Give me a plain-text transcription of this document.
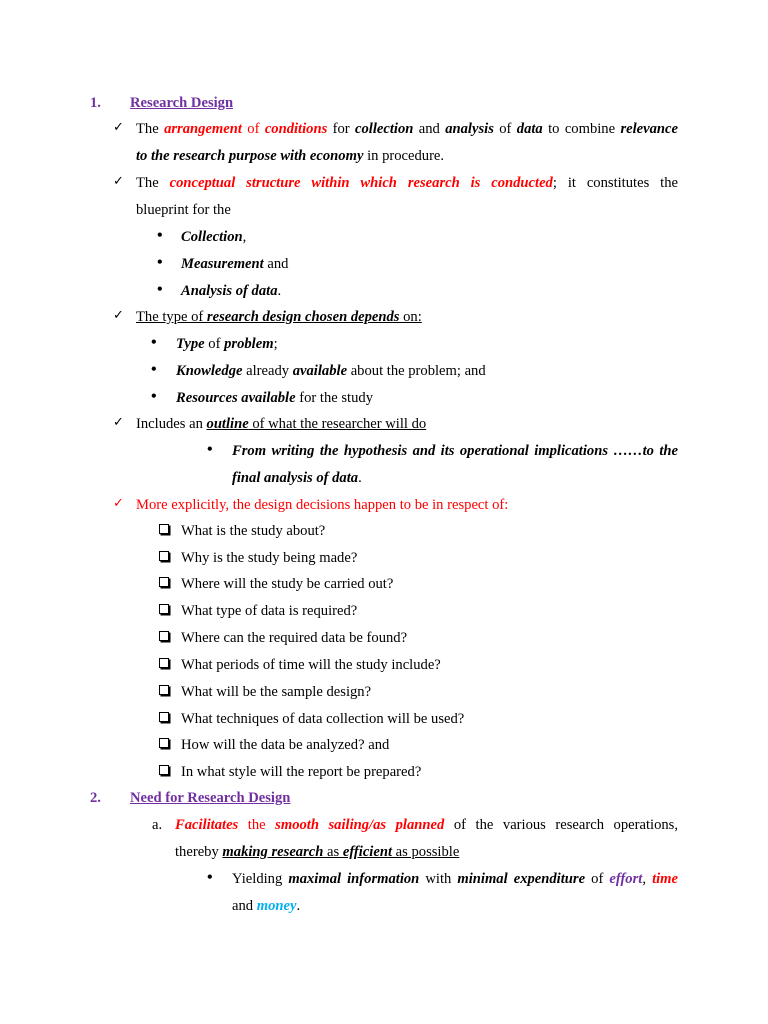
1. Research Design
✓ The arrangement of conditions for collection and analysis of data to combine relevance
to the research purpose with economy in procedure.
✓ The conceptual structure within which research is conducted; it constitutes the
blueprint for the
• Collection,
• Measurement and
• Analysis of data.
✓ The type of research design chosen depends on:
• Type of problem;
• Knowledge already available about the problem; and
• Resources available for the study
✓ Includes an outline of what the researcher will do
• From writing the hypothesis and its operational implications ……to the
final analysis of data.
✓ More explicitly, the design decisions happen to be in respect of:
What is the study about?
Why is the study being made?
Where will the study be carried out?
What type of data is required?
Where can the required data be found?
What periods of time will the study include?
What will be the sample design?
What techniques of data collection will be used?
How will the data be analyzed? and
In what style will the report be prepared?
2. Need for Research Design
a. Facilitates the smooth sailing/as planned of the various research operations,
thereby making research as efficient as possible
• Yielding maximal information with minimal expenditure of effort, time
and money.
